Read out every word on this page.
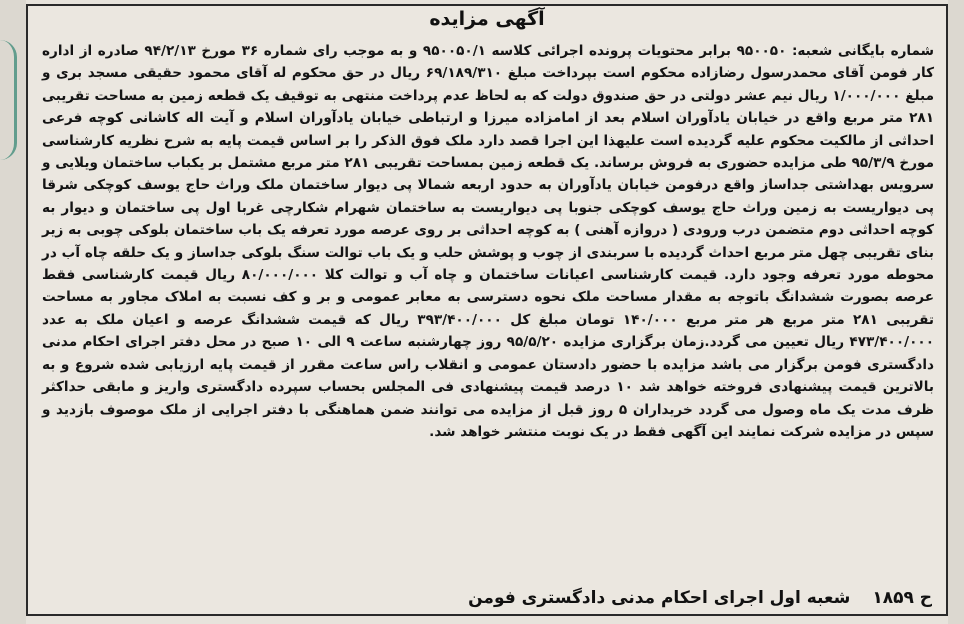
آگهی مزایده
شماره بایگانی شعبه: ۹۵۰۰۵۰ برابر محتویات پرونده اجرائی کلاسه ۹۵۰۰۵۰/۱ و به موجب رای شماره ۳۶ مورخ ۹۴/۲/۱۳ صادره از اداره کار فومن آقای محمدرسول رضازاده محکوم است بپرداخت مبلغ ۶۹/۱۸۹/۳۱۰ ریال در حق محکوم له آقای محمود حقیقی مسجد بری و مبلغ ۱/۰۰۰/۰۰۰ ریال نیم عشر دولتی در حق صندوق دولت که به لحاظ عدم پرداخت منتهی به توقیف یک قطعه زمین به مساحت تقریبی ۲۸۱ متر مربع واقع در خیابان یادآوران اسلام بعد از امامزاده میرزا و ارتباطی خیابان یادآوران اسلام و آیت اله کاشانی کوچه فرعی احداثی از مالکیت محکوم علیه گردیده است علیهذا این اجرا قصد دارد ملک فوق الذکر را بر اساس قیمت پایه به شرح نظریه کارشناسی مورخ ۹۵/۳/۹ طی مزایده حضوری به فروش برساند. یک قطعه زمین بمساحت تقریبی ۲۸۱ متر مربع مشتمل بر یکباب ساختمان ویلایی و سرویس بهداشتی جداساز واقع درفومن خیابان یادآوران به حدود اربعه شمالا پی دیوار ساختمان ملک وراث حاج یوسف کوچکی شرقا پی دیواریست به زمین وراث حاج یوسف کوچکی جنوبا پی دیواریست به ساختمان شهرام شکارچی غربا اول پی ساختمان و دیوار به کوچه احداثی دوم متضمن درب ورودی ( دروازه آهنی ) به کوچه احداثی بر روی عرصه مورد تعرفه یک باب ساختمان بلوکی چوبی به زیر بنای تقریبی چهل متر مربع احداث گردیده با سربندی از چوب و پوشش حلب و یک باب توالت سنگ بلوکی جداساز و یک حلقه چاه آب در محوطه مورد تعرفه وجود دارد. قیمت کارشناسی اعیانات ساختمان و چاه آب و توالت کلا ۸۰/۰۰۰/۰۰۰ ریال قیمت کارشناسی فقط عرصه بصورت ششدانگ باتوجه به مقدار مساحت ملک نحوه دسترسی به معابر عمومی و بر و کف نسبت به املاک مجاور به مساحت تقریبی ۲۸۱ متر مربع هر متر مربع ۱۴۰/۰۰۰ تومان مبلغ کل ۳۹۳/۴۰۰/۰۰۰ ریال که قیمت ششدانگ عرصه و اعیان ملک به عدد ۴۷۳/۴۰۰/۰۰۰ ریال تعیین می گردد.زمان برگزاری مزایده ۹۵/۵/۲۰ روز چهارشنبه ساعت ۹ الی ۱۰ صبح در محل دفتر اجرای احکام مدنی دادگستری فومن برگزار می باشد مزایده با حضور دادستان عمومی و انقلاب راس ساعت مقرر از قیمت پایه ارزیابی شده شروع و به بالاترین قیمت پیشنهادی فروخته خواهد شد ۱۰ درصد قیمت پیشنهادی فی المجلس بحساب سپرده دادگستری واریز و مابقی حداکثر ظرف مدت یک ماه وصول می گردد خریداران ۵ روز قبل از مزایده می توانند ضمن هماهنگی با دفتر اجرایی از ملک موصوف بازدید و سپس در مزایده شرکت نمایند این آگهی فقط در یک نوبت منتشر خواهد شد.
ح ۱۸۵۹
شعبه اول اجرای احکام مدنی دادگستری فومن
